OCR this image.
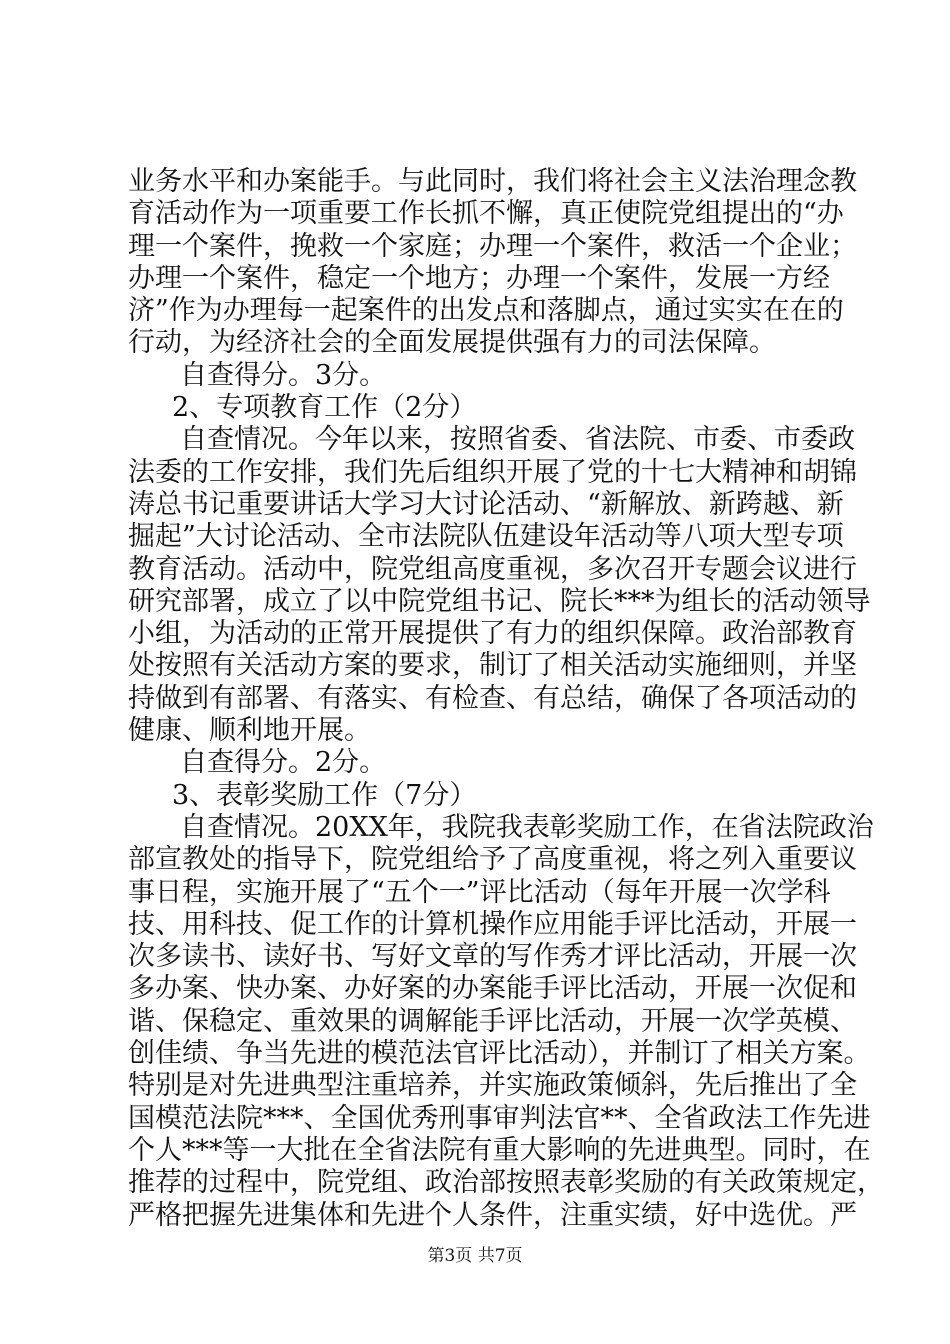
业务水平和办案能手。与此同时，我们将社会主义法治理念教
育活动作为一项重要工作长抓不懈，真正使院党组提出的“办
理一个案件，挽救一个家庭；办理一个案件，救活一个企业；
办理一个案件，稳定一个地方；办理一个案件，发展一方经
济”作为办理每一起案件的出发点和落脚点，通过实实在在的
行动，为经济社会的全面发展提供强有力的司法保障。
自查得分。3分。
2、专项教育工作（2分）
自查情况。今年以来，按照省委、省法院、市委、市委政
法委的工作安排，我们先后组织开展了党的十七大精神和胡锦
涛总书记重要讲话大学习大讨论活动、“新解放、新跨越、新
掘起”大讨论活动、全市法院队伍建设年活动等八项大型专项
教育活动。活动中，院党组高度重视，多次召开专题会议进行
研究部署，成立了以中院党组书记、院长***为组长的活动领导
小组，为活动的正常开展提供了有力的组织保障。政治部教育
处按照有关活动方案的要求，制订了相关活动实施细则，并坚
持做到有部署、有落实、有检查、有总结，确保了各项活动的
健康、顺利地开展。
自查得分。2分。
3、表彰奖励工作（7分）
自查情况。20XX年，我院我表彰奖励工作，在省法院政治
部宣教处的指导下，院党组给予了高度重视，将之列入重要议
事日程，实施开展了“五个一”评比活动（每年开展一次学科
技、用科技、促工作的计算机操作应用能手评比活动，开展一
次多读书、读好书、写好文章的写作秀才评比活动，开展一次
多办案、快办案、办好案的办案能手评比活动，开展一次促和
谐、保稳定、重效果的调解能手评比活动，开展一次学英模、
创佳绩、争当先进的模范法官评比活动），并制订了相关方案。
特别是对先进典型注重培养，并实施政策倾斜，先后推出了全
国模范法院***、全国优秀刑事审判法官**、全省政法工作先进
个人***等一大批在全省法院有重大影响的先进典型。同时，在
推荐的过程中，院党组、政治部按照表彰奖励的有关政策规定，
严格把握先进集体和先进个人条件，注重实绩，好中选优。严
第3页 共7页
